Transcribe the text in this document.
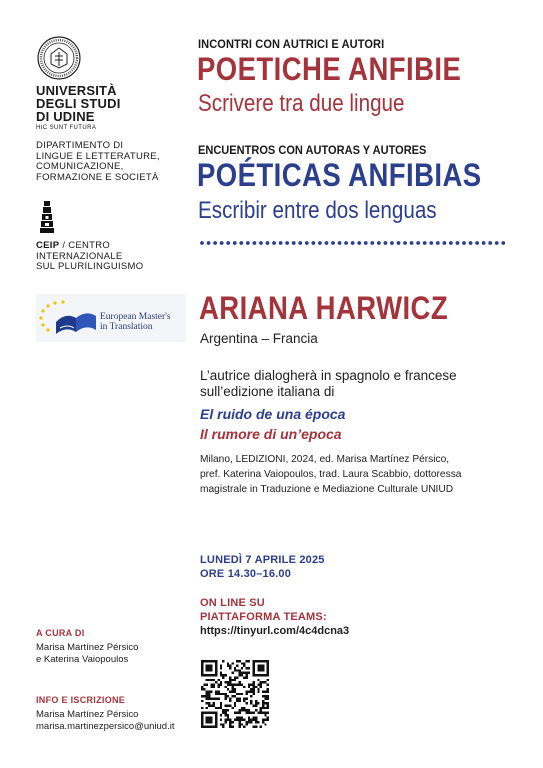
UNIVERSITÀ
DEGLI STUDI
DI UDINE
HIC SUNT FUTURA
DIPARTIMENTO DI
LINGUE E LETTERATURE,
COMUNICAZIONE,
FORMAZIONE E SOCIETÀ
CEIP / CENTRO
INTERNAZIONALE
SUL PLURILINGUISMO
European Master's
in Translation
A CURA DI
Marisa Martínez Pérsico
e Katerina Vaiopoulos
INFO E ISCRIZIONE
Marisa Martínez Pérsico
marisa.martinezpersico@uniud.it
INCONTRI CON AUTRICI E AUTORI
POETICHE ANFIBIE
Scrivere tra due lingue
ENCUENTROS CON AUTORAS Y AUTORES
POÉTICAS ANFIBIAS
Escribir entre dos lenguas
ARIANA HARWICZ
Argentina – Francia
L’autrice dialogherà in spagnolo e francese
sull’edizione italiana di
El ruido de una época
Il rumore di un’epoca
Milano, LEDIZIONI, 2024, ed. Marisa Martínez Pérsico,
pref. Katerina Vaiopoulos, trad. Laura Scabbio, dottoressa
magistrale in Traduzione e Mediazione Culturale UNIUD
LUNEDÌ 7 APRILE 2025
ORE 14.30–16.00
ON LINE SU
PIATTAFORMA TEAMS:
https://tinyurl.com/4c4dcna3
